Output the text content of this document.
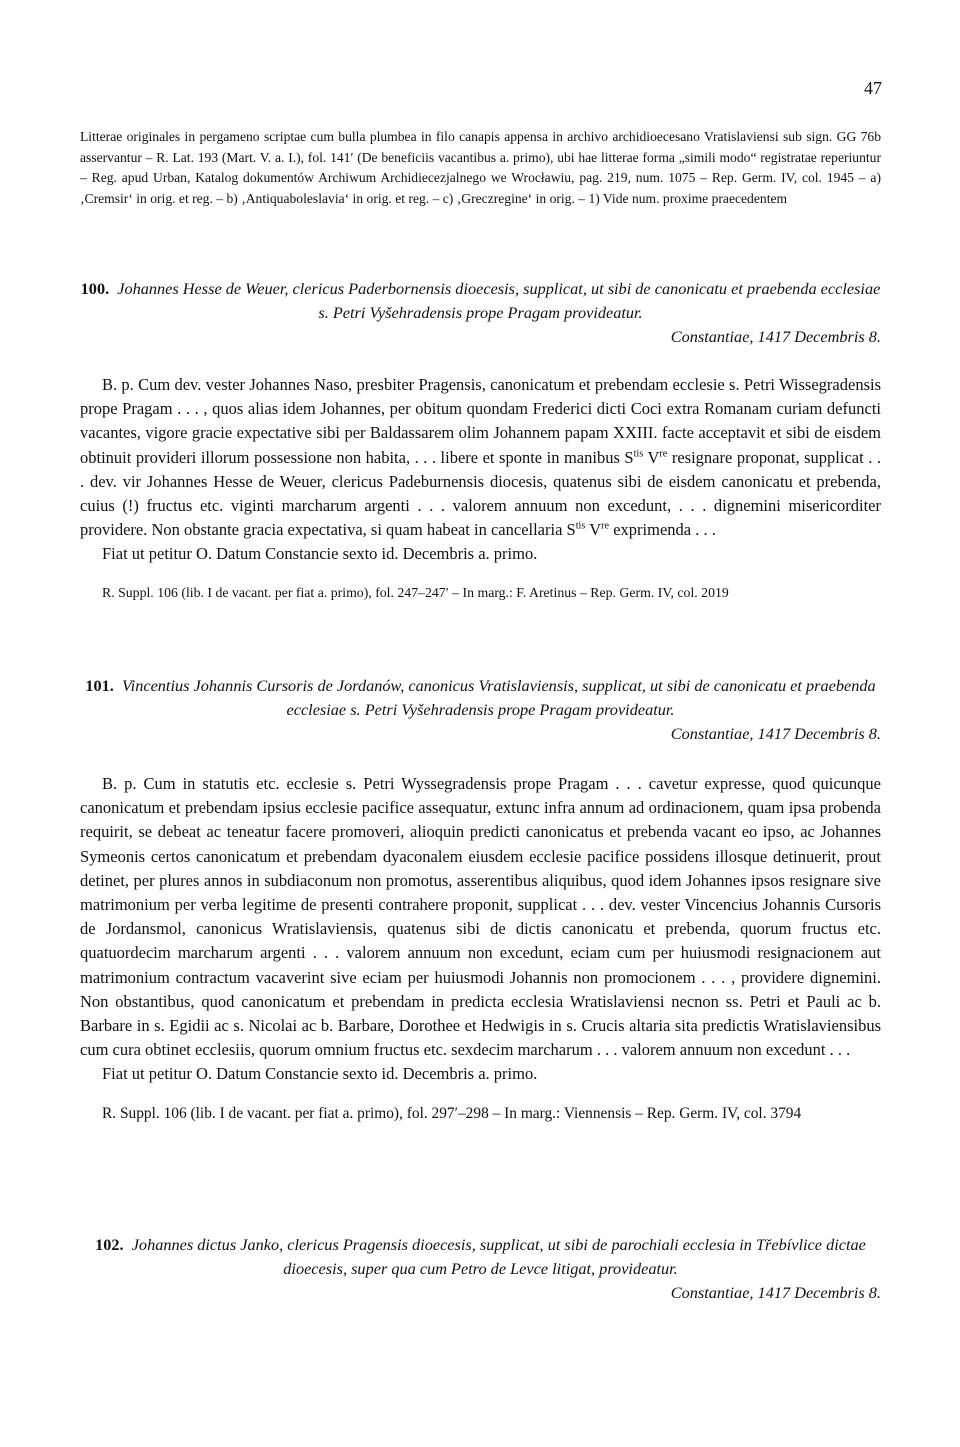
47

Litterae originales in pergameno scriptae cum bulla plumbea in filo canapis appensa in archivo archidioecesano Vratislaviensi sub sign. GG 76b asservantur – R. Lat. 193 (Mart. V. a. I.), fol. 141′ (De beneficiis vacantibus a. primo), ubi hae litterae forma „simili modo“ registratae reperiuntur – Reg. apud Urban, Katalog dokumentów Archiwum Archidiecezjalnego we Wrocławiu, pag. 219, num. 1075 – Rep. Germ. IV, col. 1945 – a) ‚Cremsir‘ in orig. et reg. – b) ‚Antiquaboleslavia‘ in orig. et reg. – c) ‚Greczregine‘ in orig. – 1) Vide num. proxime praecedentem

100. Johannes Hesse de Weuer, clericus Paderbornensis dioecesis, supplicat, ut sibi de canonicatu et praebenda ecclesiae s. Petri Vyšehradensis prope Pragam provideatur.

Constantiae, 1417 Decembris 8.

B. p. Cum dev. vester Johannes Naso, presbiter Pragensis, canonicatum et prebendam ecclesie s. Petri Wissegradensis prope Pragam . . . , quos alias idem Johannes, per obitum quondam Frederici dicti Coci extra Romanam curiam defuncti vacantes, vigore gracie expectative sibi per Baldassarem olim Johannem papam XXIII. facte acceptavit et sibi de eisdem obtinuit provideri illorum possessione non habita, . . . libere et sponte in manibus $S^{tis}$ Vre resignare proponat, supplicat . . . dev. vir Johannes Hesse de Weuer, clericus Padeburnensis diocesis, quatenus sibi de eisdem canonicatu et prebenda, cuius (!) fructus etc. viginti marcharum argenti . . . valorem annuum non excedunt, . . . dignemini misericorditer providere. Non obstante gracia expectativa, si quam habeat in cancellaria $S^{tis}$ Vre exprimenda . . .

Fiat ut petitur O. Datum Constancie sexto id. Decembris a. primo.

R. Suppl. 106 (lib. I de vacant. per fiat a. primo), fol. 247–247′ – In marg.: F. Aretinus – Rep. Germ. IV, col. 2019

101. Vincentius Johannis Cursoris de Jordanów, canonicus Vratislaviensis, supplicat, ut sibi de canonicatu et praebenda ecclesiae s. Petri Vyšehradensis prope Pragam provideatur.

Constantiae, 1417 Decembris 8.

B. p. Cum in statutis etc. ecclesie s. Petri Wyssegradensis prope Pragam . . . cavetur expresse, quod quicunque canonicatum et prebendam ipsius ecclesie pacifice assequatur, extunc infra annum ad ordinacionem, quam ipsa probenda requirit, se debeat ac teneatur facere promoveri, alioquin predicti canonicatus et prebenda vacant eo ipso, ac Johannes Symeonis certos canonicatum et prebendam dyaconalem eiusdem ecclesie pacifice possidens illosque detinuerit, prout detinet, per plures annos in subdiaconum non promotus, asserentibus aliquibus, quod idem Johannes ipsos resignare sive matrimonium per verba legitime de presenti contrahere proponit, supplicat . . . dev. vester Vincencius Johannis Cursoris de Jordansmol, canonicus Wratislaviensis, quatenus sibi de dictis canonicatu et prebenda, quorum fructus etc. quatuordecim marcharum argenti . . . valorem annuum non excedunt, eciam cum per huiusmodi resignacionem aut matrimonium contractum vacaverint sive eciam per huiusmodi Johannis non promocionem . . . , providere dignemini. Non obstantibus, quod canonicatum et prebendam in predicta ecclesia Wratislaviensi necnon ss. Petri et Pauli ac b. Barbare in s. Egidii ac s. Nicolai ac b. Barbare, Dorothee et Hedwigis in s. Crucis altaria sita predictis Wratislaviensibus cum cura obtinet ecclesiis, quorum omnium fructus etc. sexdecim marcharum . . . valorem annuum non excedunt . . .

Fiat ut petitur O. Datum Constancie sexto id. Decembris a. primo.

R. Suppl. 106 (lib. I de vacant. per fiat a. primo), fol. 297′–298 – In marg.: Viennensis – Rep. Germ. IV, col. 3794

102. Johannes dictus Janko, clericus Pragensis dioecesis, supplicat, ut sibi de parochiali ecclesia in Třebívlice dictae dioecesis, super qua cum Petro de Levce litigat, provideatur.

Constantiae, 1417 Decembris 8.
